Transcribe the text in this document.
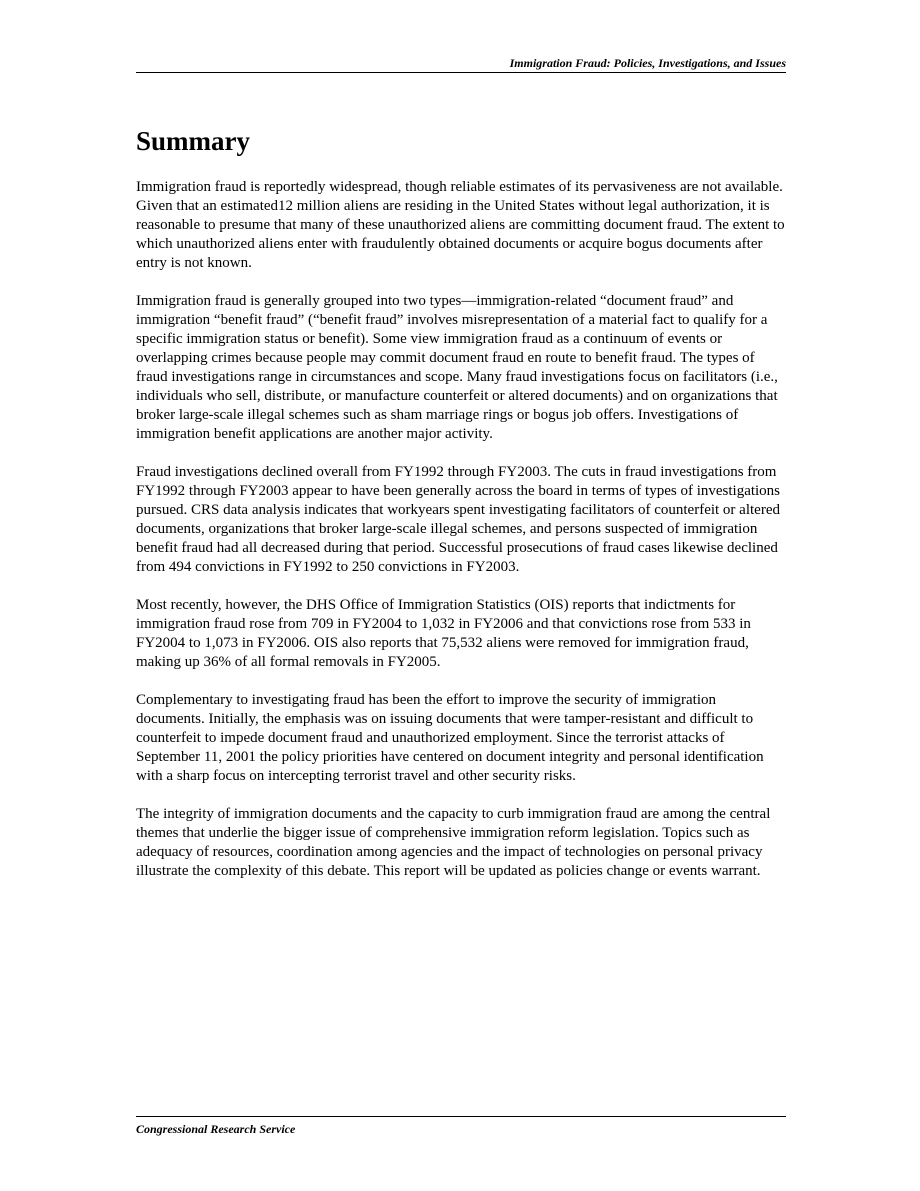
Immigration Fraud: Policies, Investigations, and Issues
Summary

Immigration fraud is reportedly widespread, though reliable estimates of its pervasiveness are not available. Given that an estimated12 million aliens are residing in the United States without legal authorization, it is reasonable to presume that many of these unauthorized aliens are committing document fraud. The extent to which unauthorized aliens enter with fraudulently obtained documents or acquire bogus documents after entry is not known.

Immigration fraud is generally grouped into two types—immigration-related “document fraud” and immigration “benefit fraud” (“benefit fraud” involves misrepresentation of a material fact to qualify for a specific immigration status or benefit). Some view immigration fraud as a continuum of events or overlapping crimes because people may commit document fraud en route to benefit fraud. The types of fraud investigations range in circumstances and scope. Many fraud investigations focus on facilitators (i.e., individuals who sell, distribute, or manufacture counterfeit or altered documents) and on organizations that broker large-scale illegal schemes such as sham marriage rings or bogus job offers. Investigations of immigration benefit applications are another major activity.

Fraud investigations declined overall from FY1992 through FY2003. The cuts in fraud investigations from FY1992 through FY2003 appear to have been generally across the board in terms of types of investigations pursued. CRS data analysis indicates that workyears spent investigating facilitators of counterfeit or altered documents, organizations that broker large-scale illegal schemes, and persons suspected of immigration benefit fraud had all decreased during that period. Successful prosecutions of fraud cases likewise declined from 494 convictions in FY1992 to 250 convictions in FY2003.

Most recently, however, the DHS Office of Immigration Statistics (OIS) reports that indictments for immigration fraud rose from 709 in FY2004 to 1,032 in FY2006 and that convictions rose from 533 in FY2004 to 1,073 in FY2006. OIS also reports that 75,532 aliens were removed for immigration fraud, making up 36% of all formal removals in FY2005.

Complementary to investigating fraud has been the effort to improve the security of immigration documents. Initially, the emphasis was on issuing documents that were tamper-resistant and difficult to counterfeit to impede document fraud and unauthorized employment. Since the terrorist attacks of September 11, 2001 the policy priorities have centered on document integrity and personal identification with a sharp focus on intercepting terrorist travel and other security risks.

The integrity of immigration documents and the capacity to curb immigration fraud are among the central themes that underlie the bigger issue of comprehensive immigration reform legislation. Topics such as adequacy of resources, coordination among agencies and the impact of technologies on personal privacy illustrate the complexity of this debate. This report will be updated as policies change or events warrant.

Congressional Research Service
